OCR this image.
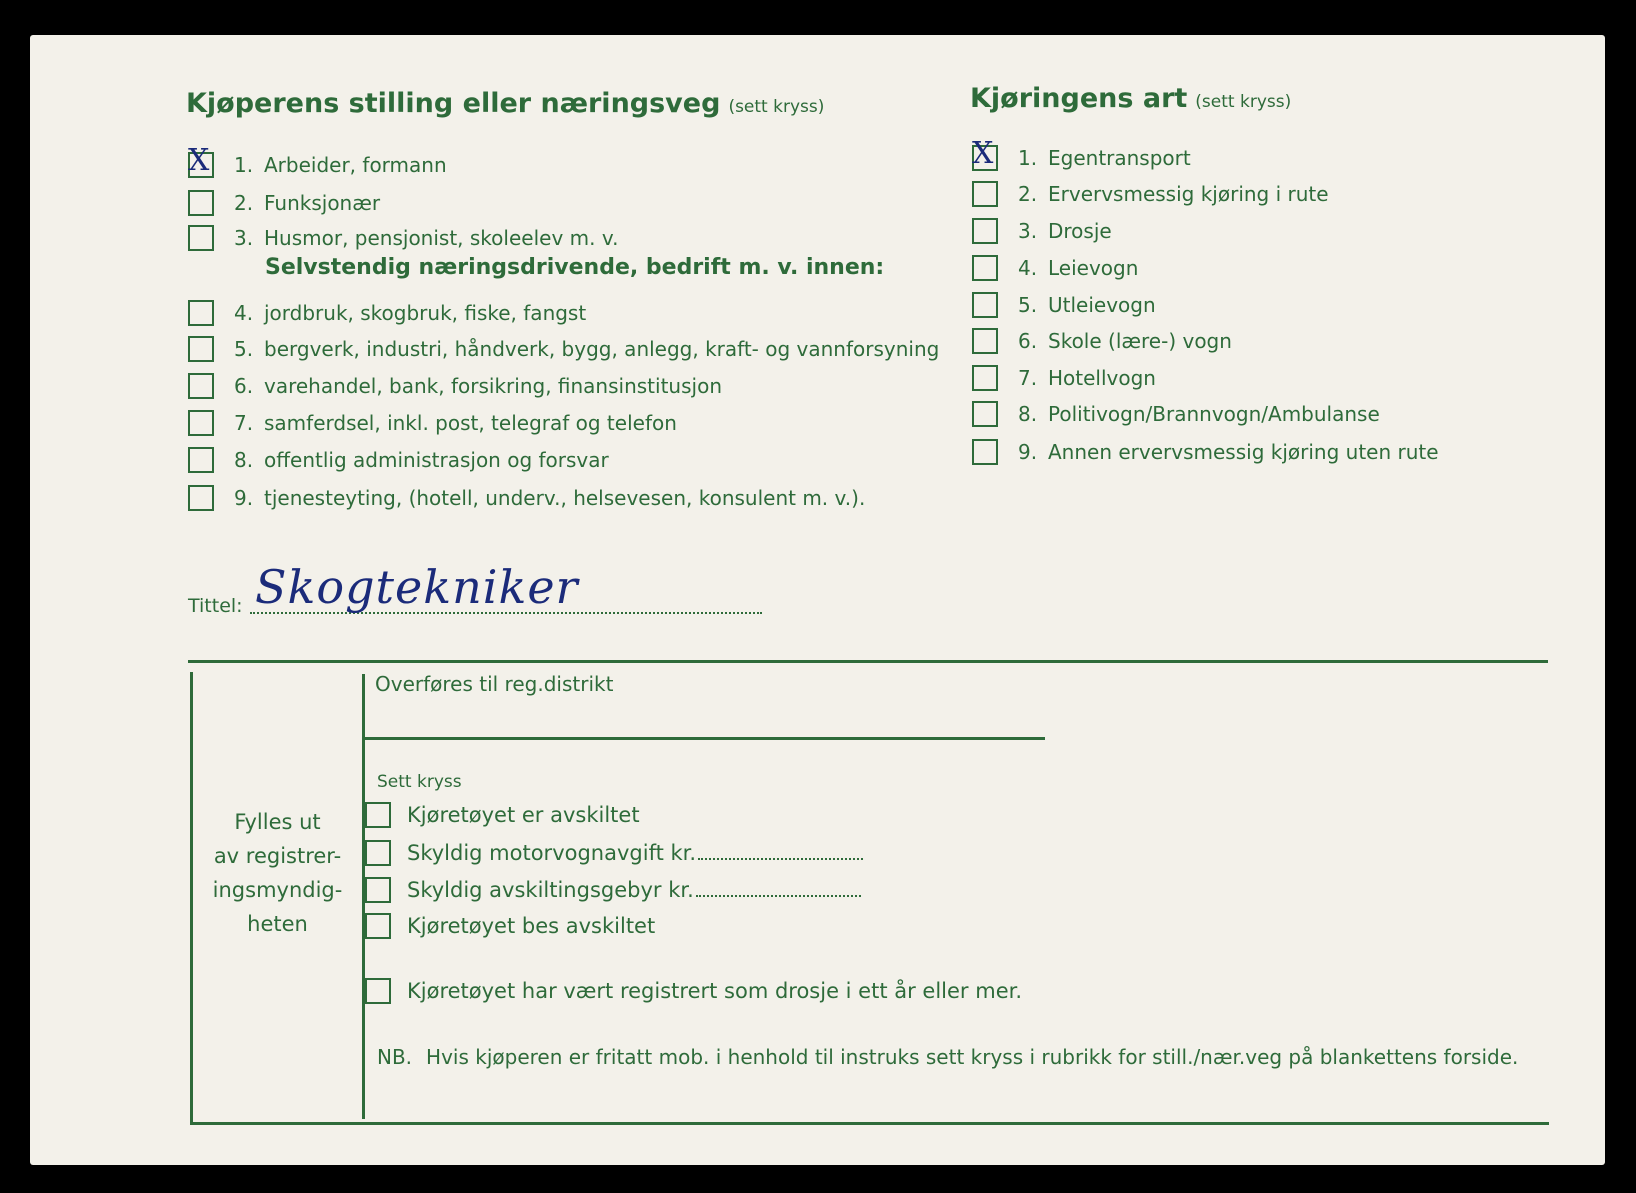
Kjøperens stilling eller næringsveg (sett kryss)	Kjøringens art (sett kryss)
X 1. Arbeider, formann
2. Funksjonær
3. Husmor, pensjonist, skoleelev m. v.
Selvstendig næringsdrivende, bedrift m. v. innen:
4. jordbruk, skogbruk, fiske, fangst
5. bergverk, industri, håndverk, bygg, anlegg, kraft- og vannforsyning
6. varehandel, bank, forsikring, finansinstitusjon
7. samferdsel, inkl. post, telegraf og telefon
8. offentlig administrasjon og forsvar
9. tjenesteyting, (hotell, underv., helsevesen, konsulent m. v.).
X 1. Egentransport
2. Ervervsmessig kjøring i rute
3. Drosje
4. Leievogn
5. Utleievogn
6. Skole (lære-) vogn
7. Hotellvogn
8. Politivogn/Brannvogn/Ambulanse
9. Annen ervervsmessig kjøring uten rute
Tittel: Skogtekniker
Fylles ut
av registrer-
ingsmyndig-
heten
Overføres til reg.distrikt
Sett kryss
Kjøretøyet er avskiltet
Skyldig motorvognavgift kr.
Skyldig avskiltingsgebyr kr.
Kjøretøyet bes avskiltet
Kjøretøyet har vært registrert som drosje i ett år eller mer.
NB. Hvis kjøperen er fritatt mob. i henhold til instruks sett kryss i rubrikk for still./nær.veg på blankettens forside.
